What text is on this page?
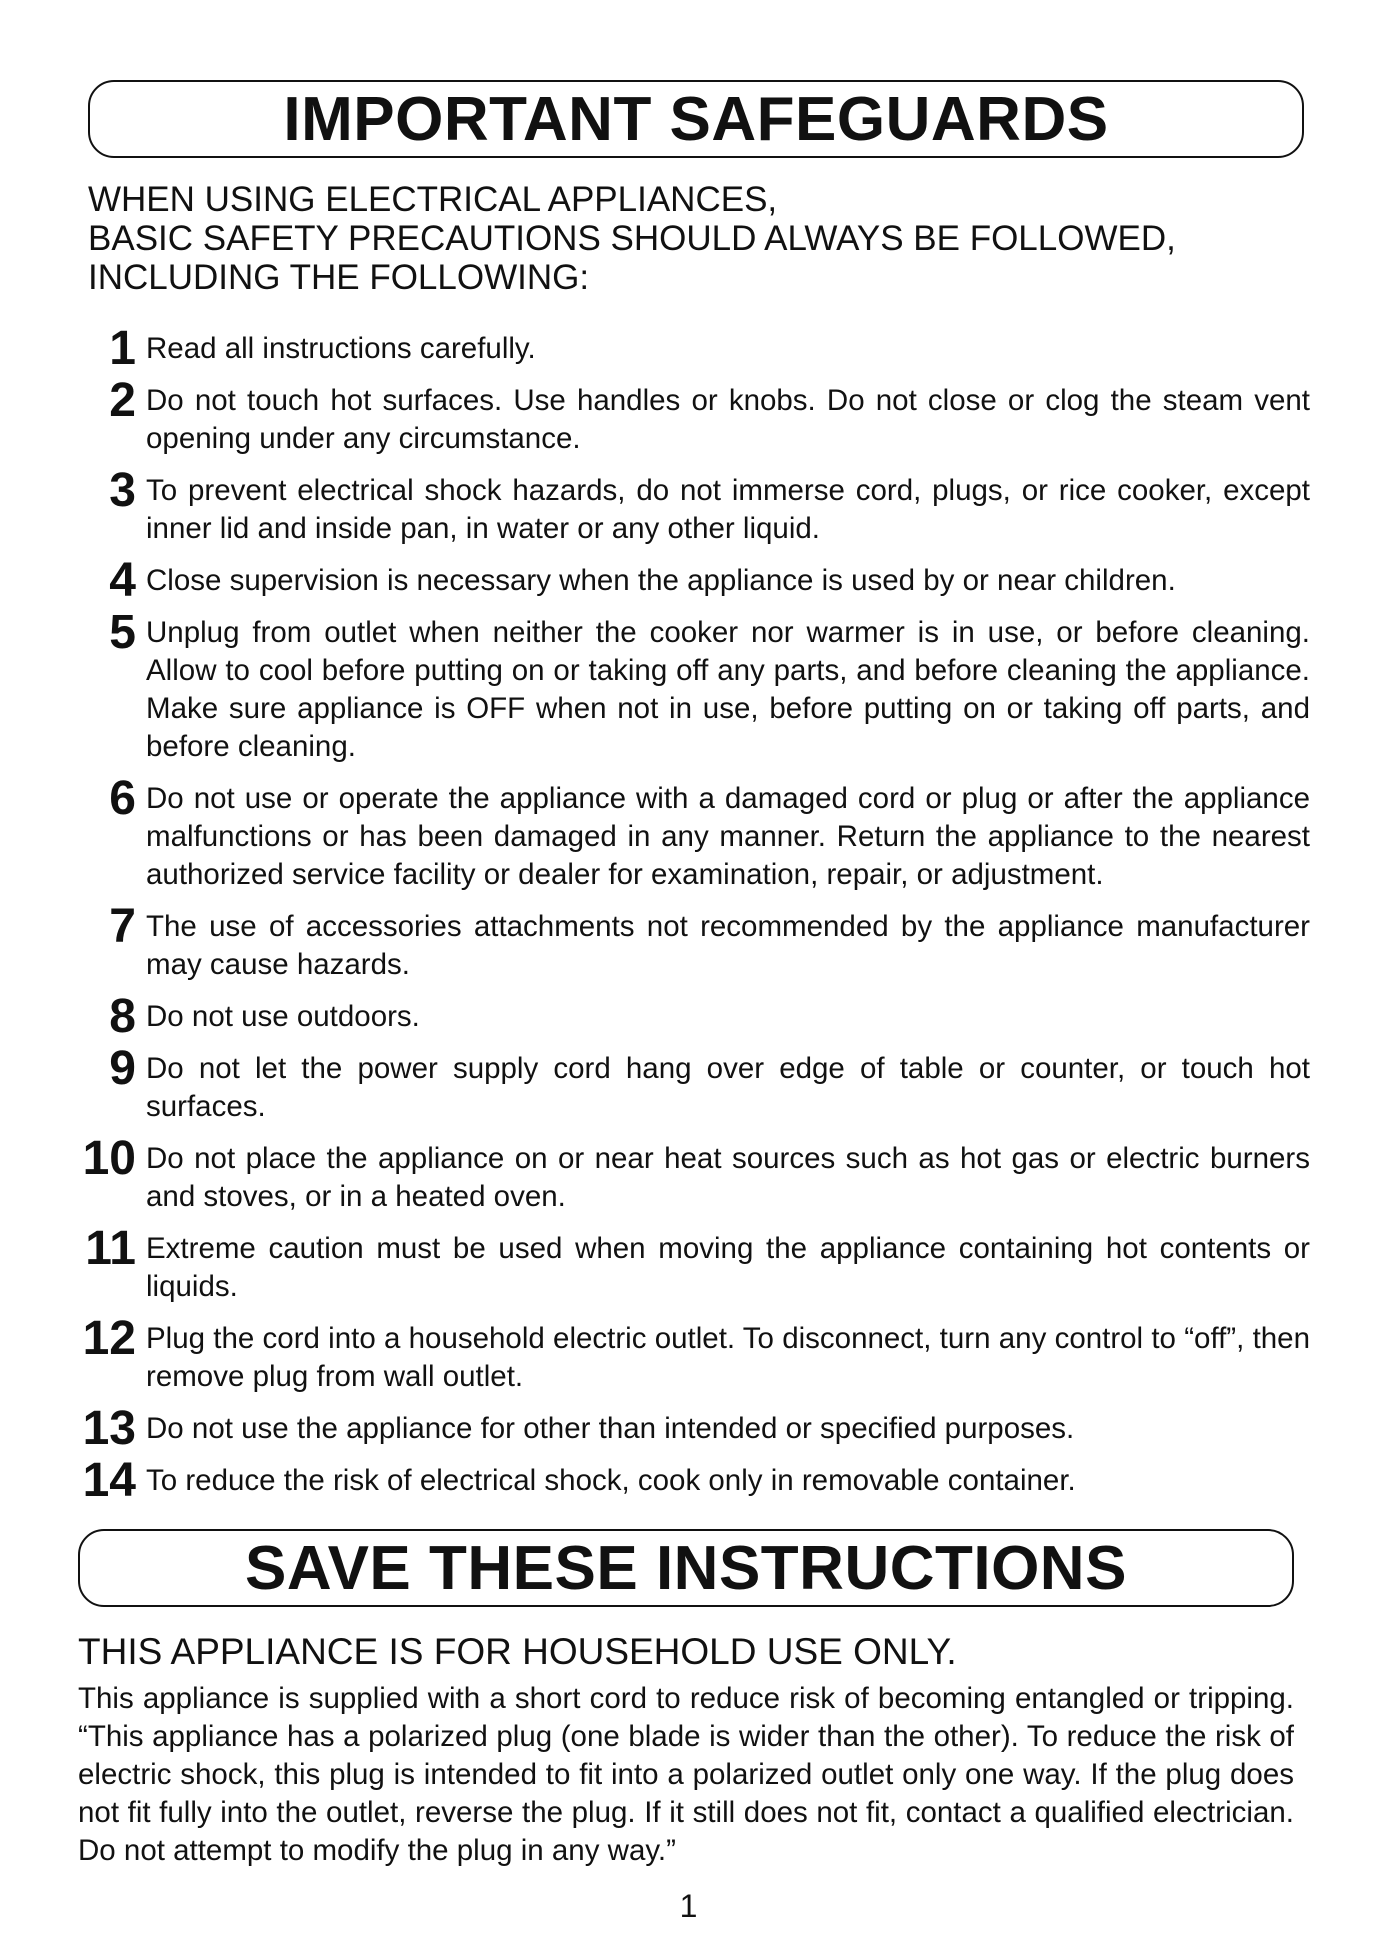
IMPORTANT SAFEGUARDS
WHEN USING ELECTRICAL APPLIANCES,
BASIC SAFETY PRECAUTIONS SHOULD ALWAYS BE FOLLOWED,
INCLUDING THE FOLLOWING:
1 Read all instructions carefully.
2 Do not touch hot surfaces. Use handles or knobs. Do not close or clog the steam vent opening under any circumstance.
3 To prevent electrical shock hazards, do not immerse cord, plugs, or rice cooker, except inner lid and inside pan, in water or any other liquid.
4 Close supervision is necessary when the appliance is used by or near children.
5 Unplug from outlet when neither the cooker nor warmer is in use, or before cleaning. Allow to cool before putting on or taking off any parts, and before cleaning the appliance. Make sure appliance is OFF when not in use, before putting on or taking off parts, and before cleaning.
6 Do not use or operate the appliance with a damaged cord or plug or after the appliance malfunctions or has been damaged in any manner. Return the appliance to the nearest authorized service facility or dealer for examination, repair, or adjustment.
7 The use of accessories attachments not recommended by the appliance manufacturer may cause hazards.
8 Do not use outdoors.
9 Do not let the power supply cord hang over edge of table or counter, or touch hot surfaces.
10 Do not place the appliance on or near heat sources such as hot gas or electric burners and stoves, or in a heated oven.
11 Extreme caution must be used when moving the appliance containing hot contents or liquids.
12 Plug the cord into a household electric outlet. To disconnect, turn any control to “off”, then remove plug from wall outlet.
13 Do not use the appliance for other than intended or specified purposes.
14 To reduce the risk of electrical shock, cook only in removable container.
SAVE THESE INSTRUCTIONS
THIS APPLIANCE IS FOR HOUSEHOLD USE ONLY.
This appliance is supplied with a short cord to reduce risk of becoming entangled or tripping. “This appliance has a polarized plug (one blade is wider than the other). To reduce the risk of electric shock, this plug is intended to fit into a polarized outlet only one way. If the plug does not fit fully into the outlet, reverse the plug. If it still does not fit, contact a qualified electrician. Do not attempt to modify the plug in any way.”
1
